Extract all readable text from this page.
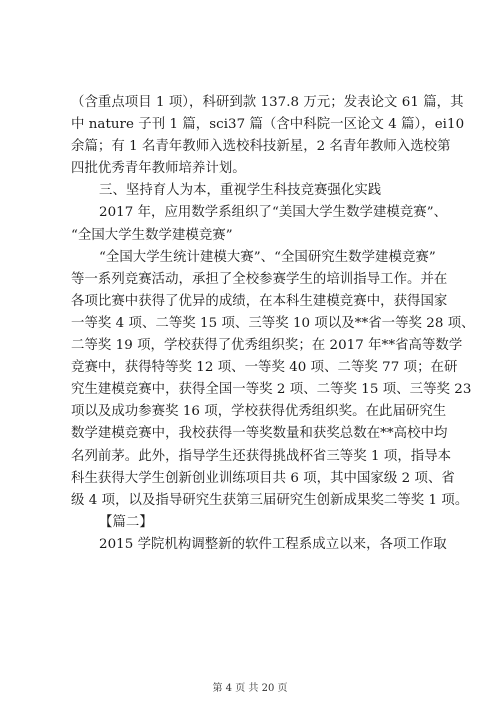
（含重点项目 1 项），科研到款 137.8 万元；发表论文 61 篇，其
中 nature 子刊 1 篇，sci37 篇（含中科院一区论文 4 篇），ei10
余篇；有 1 名青年教师入选校科技新星，2 名青年教师入选校第
四批优秀青年教师培养计划。
三、坚持育人为本，重视学生科技竞赛强化实践
2017 年，应用数学系组织了“美国大学生数学建模竞赛”、
“全国大学生数学建模竞赛”
“全国大学生统计建模大赛”、“全国研究生数学建模竞赛”
等一系列竞赛活动，承担了全校参赛学生的培训指导工作。并在
各项比赛中获得了优异的成绩，在本科生建模竞赛中，获得国家
一等奖 4 项、二等奖 15 项、三等奖 10 项以及**省一等奖 28 项、
二等奖 19 项，学校获得了优秀组织奖；在 2017 年**省高等数学
竞赛中，获得特等奖 12 项、一等奖 40 项、二等奖 77 项；在研
究生建模竞赛中，获得全国一等奖 2 项、二等奖 15 项、三等奖 23
项以及成功参赛奖 16 项，学校获得优秀组织奖。在此届研究生
数学建模竞赛中，我校获得一等奖数量和获奖总数在**高校中均
名列前茅。此外，指导学生还获得挑战杯省三等奖 1 项，指导本
科生获得大学生创新创业训练项目共 6 项，其中国家级 2 项、省
级 4 项，以及指导研究生获第三届研究生创新成果奖二等奖 1 项。
【篇二】
2015 学院机构调整新的软件工程系成立以来，各项工作取
第 4 页 共 20 页
